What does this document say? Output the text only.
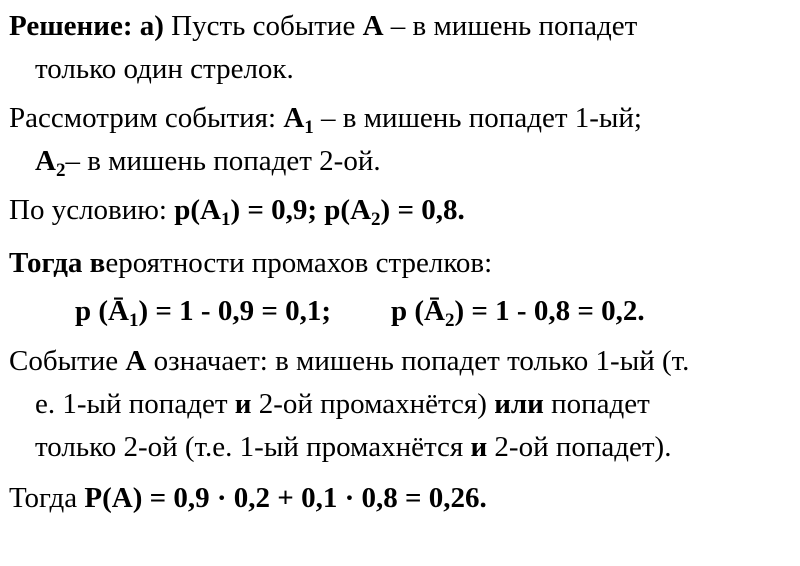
Решение: а) Пусть событие А – в мишень попадет
только один стрелок.
Рассмотрим события: $А_1$ – в мишень попадет 1-ый;
$А_2-$ в мишень попадет 2-ой.
По условию: $р(А_1) = 0,9$; $р(А_2) = 0,8$.
Тогда вероятности промахов стрелков:
р $(Ā_1) = 1 - 0,9 = 0,1$; р $(Ā_2) = 1 - 0,8 = 0,2$.
Событие А означает: в мишень попадет только 1-ый (т.
е. 1-ый попадет и 2-ой промахнётся) или попадет
только 2-ой (т.е. 1-ый промахнётся и 2-ой попадет).
Тогда Р(А) = 0,9 · 0,2 + 0,1 · 0,8 = 0,26.
